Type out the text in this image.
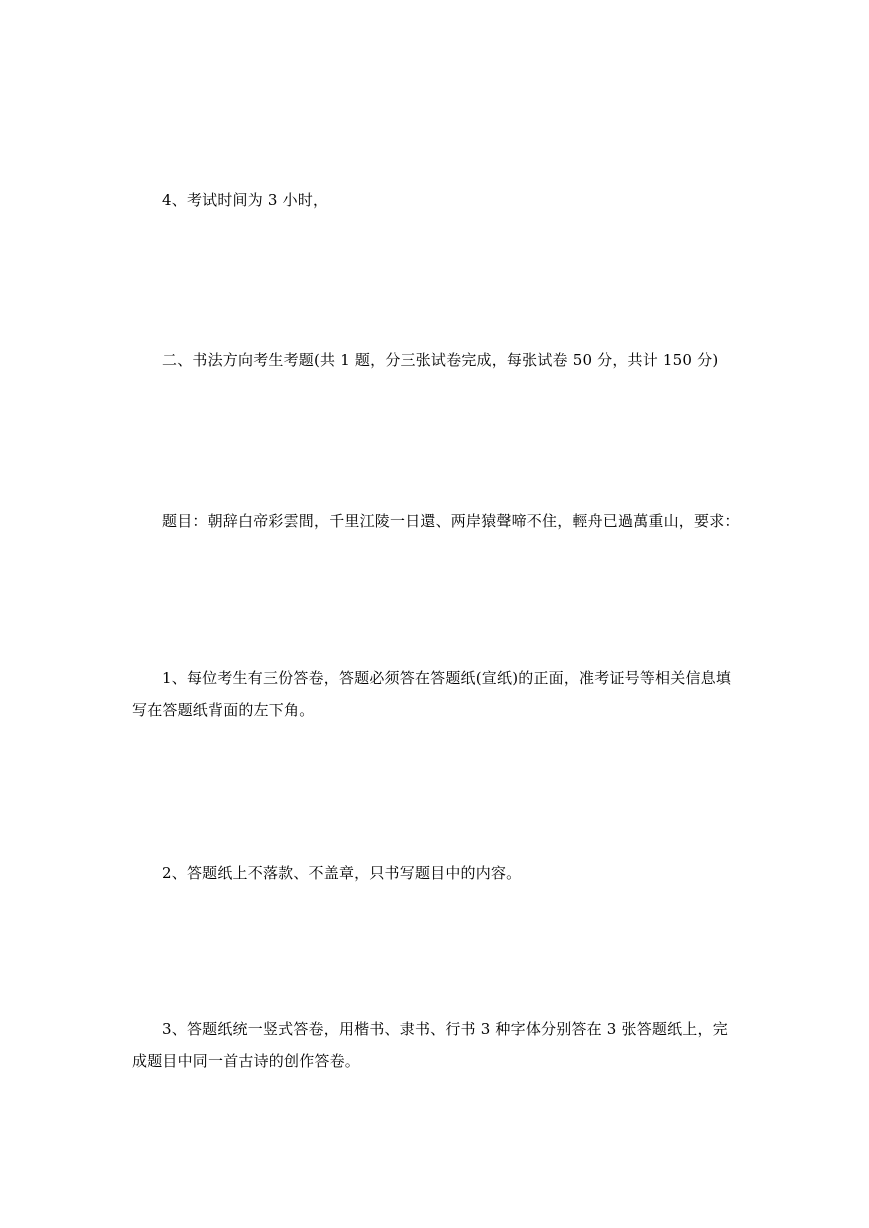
4、考试时间为 3 小时，

二、书法方向考生考题(共 1 题，分三张试卷完成，每张试卷 50 分，共计 150 分)

题目：朝辞白帝彩雲間，千里江陵一日還、两岸猿聲啼不住，輕舟已過萬重山，要求：

1、每位考生有三份答卷，答题必须答在答题纸(宣纸)的正面，准考证号等相关信息填写在答题纸背面的左下角。

2、答题纸上不落款、不盖章，只书写题目中的内容。

3、答题纸统一竖式答卷，用楷书、隶书、行书 3 种字体分别答在 3 张答题纸上，完成题目中同一首古诗的创作答卷。
